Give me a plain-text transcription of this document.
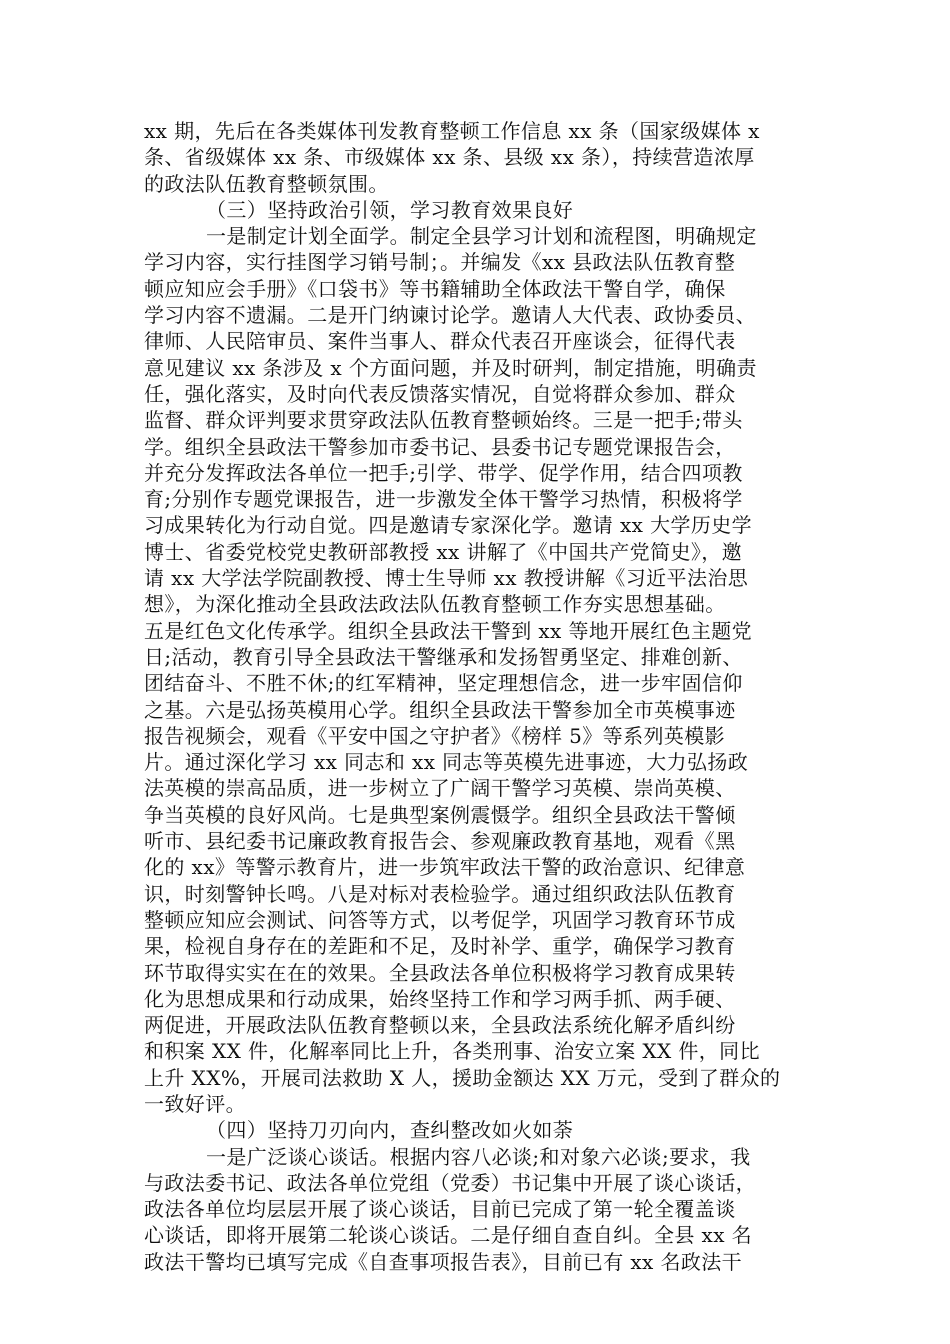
xx 期，先后在各类媒体刊发教育整顿工作信息 xx 条（国家级媒体 x
条、省级媒体 xx 条、市级媒体 xx 条、县级 xx 条），持续营造浓厚
的政法队伍教育整顿氛围。
（三）坚持政治引领，学习教育效果良好
一是制定计划全面学。制定全县学习计划和流程图，明确规定
学习内容，实行挂图学习销号制；。并编发《xx 县政法队伍教育整
顿应知应会手册》《口袋书》等书籍辅助全体政法干警自学，确保
学习内容不遗漏。二是开门纳谏讨论学。邀请人大代表、政协委员、
律师、人民陪审员、案件当事人、群众代表召开座谈会，征得代表
意见建议 xx 条涉及 x 个方面问题，并及时研判，制定措施，明确责
任，强化落实，及时向代表反馈落实情况，自觉将群众参加、群众
监督、群众评判要求贯穿政法队伍教育整顿始终。三是一把手;带头
学。组织全县政法干警参加市委书记、县委书记专题党课报告会，
并充分发挥政法各单位一把手;引学、带学、促学作用，结合四项教
育;分别作专题党课报告，进一步激发全体干警学习热情，积极将学
习成果转化为行动自觉。四是邀请专家深化学。邀请 xx 大学历史学
博士、省委党校党史教研部教授 xx 讲解了《中国共产党简史》，邀
请 xx 大学法学院副教授、博士生导师 xx 教授讲解《习近平法治思
想》，为深化推动全县政法政法队伍教育整顿工作夯实思想基础。
五是红色文化传承学。组织全县政法干警到 xx 等地开展红色主题党
日;活动，教育引导全县政法干警继承和发扬智勇坚定、排难创新、
团结奋斗、不胜不休;的红军精神，坚定理想信念，进一步牢固信仰
之基。六是弘扬英模用心学。组织全县政法干警参加全市英模事迹
报告视频会，观看《平安中国之守护者》《榜样 5》等系列英模影
片。通过深化学习 xx 同志和 xx 同志等英模先进事迹，大力弘扬政
法英模的崇高品质，进一步树立了广阔干警学习英模、崇尚英模、
争当英模的良好风尚。七是典型案例震慑学。组织全县政法干警倾
听市、县纪委书记廉政教育报告会、参观廉政教育基地，观看《黑
化的 xx》等警示教育片，进一步筑牢政法干警的政治意识、纪律意
识，时刻警钟长鸣。八是对标对表检验学。通过组织政法队伍教育
整顿应知应会测试、问答等方式，以考促学，巩固学习教育环节成
果，检视自身存在的差距和不足，及时补学、重学，确保学习教育
环节取得实实在在的效果。全县政法各单位积极将学习教育成果转
化为思想成果和行动成果，始终坚持工作和学习两手抓、两手硬、
两促进，开展政法队伍教育整顿以来，全县政法系统化解矛盾纠纷
和积案 XX 件，化解率同比上升，各类刑事、治安立案 XX 件，同比
上升 XX%，开展司法救助 X 人，援助金额达 XX 万元，受到了群众的
一致好评。
（四）坚持刀刃向内，查纠整改如火如荼
一是广泛谈心谈话。根据内容八必谈;和对象六必谈;要求，我
与政法委书记、政法各单位党组（党委）书记集中开展了谈心谈话，
政法各单位均层层开展了谈心谈话，目前已完成了第一轮全覆盖谈
心谈话，即将开展第二轮谈心谈话。二是仔细自查自纠。全县 xx 名
政法干警均已填写完成《自查事项报告表》，目前已有 xx 名政法干
